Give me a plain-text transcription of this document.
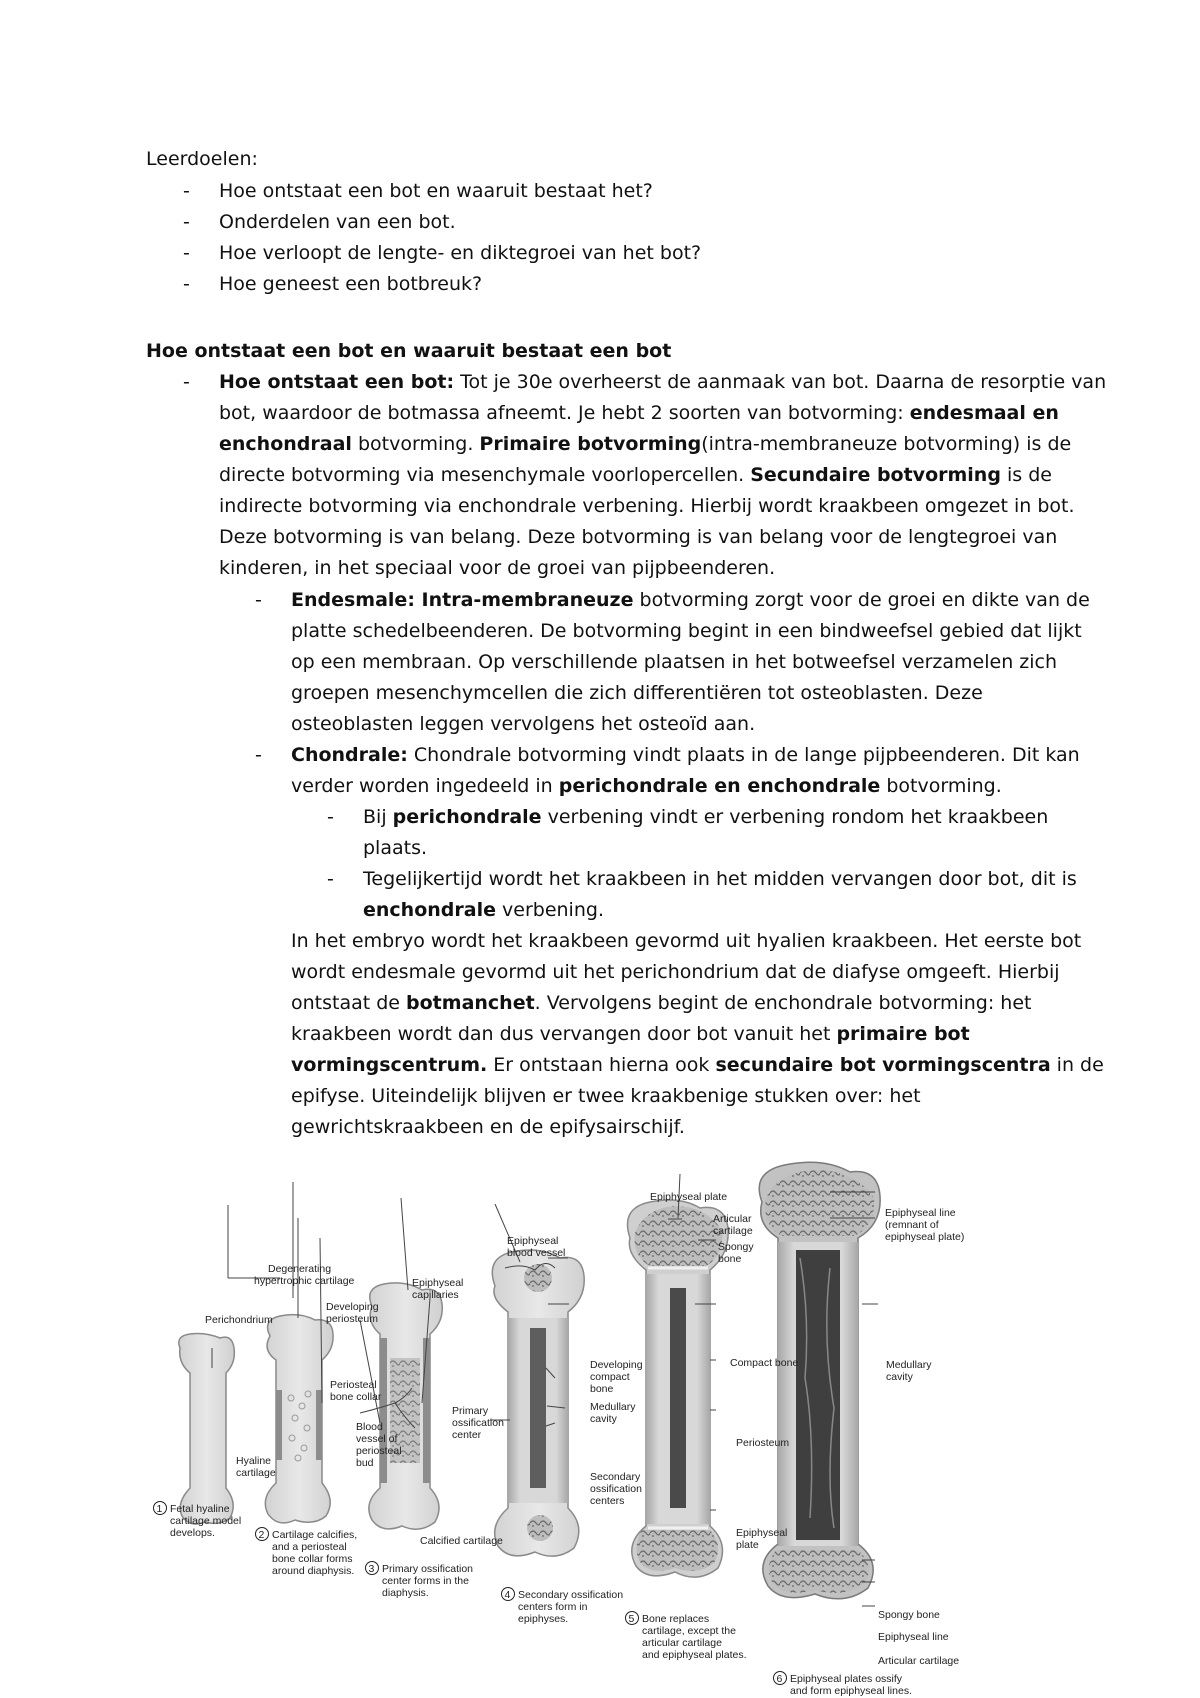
Leerdoelen:
- Hoe ontstaat een bot en waaruit bestaat het?
- Onderdelen van een bot.
- Hoe verloopt de lengte- en diktegroei van het bot?
- Hoe geneest een botbreuk?
Hoe ontstaat een bot en waaruit bestaat een bot
- Hoe ontstaat een bot: Tot je 30e overheerst de aanmaak van bot. Daarna de resorptie van
bot, waardoor de botmassa afneemt. Je hebt 2 soorten van botvorming: endesmaal en
enchondraal botvorming. Primaire botvorming(intra-membraneuze botvorming) is de
directe botvorming via mesenchymale voorlopercellen. Secundaire botvorming is de
indirecte botvorming via enchondrale verbening. Hierbij wordt kraakbeen omgezet in bot.
Deze botvorming is van belang. Deze botvorming is van belang voor de lengtegroei van
kinderen, in het speciaal voor de groei van pijpbeenderen.
- Endesmale: Intra-membraneuze botvorming zorgt voor de groei en dikte van de
platte schedelbeenderen. De botvorming begint in een bindweefsel gebied dat lijkt
op een membraan. Op verschillende plaatsen in het botweefsel verzamelen zich
groepen mesenchymcellen die zich differentiëren tot osteoblasten. Deze
osteoblasten leggen vervolgens het osteoïd aan.
- Chondrale: Chondrale botvorming vindt plaats in de lange pijpbeenderen. Dit kan
verder worden ingedeeld in perichondrale en enchondrale botvorming.
- Bij perichondrale verbening vindt er verbening rondom het kraakbeen
plaats.
- Tegelijkertijd wordt het kraakbeen in het midden vervangen door bot, dit is
enchondrale verbening.
In het embryo wordt het kraakbeen gevormd uit hyalien kraakbeen. Het eerste bot
wordt endesmale gevormd uit het perichondrium dat de diafyse omgeeft. Hierbij
ontstaat de botmanchet. Vervolgens begint de enchondrale botvorming: het
kraakbeen wordt dan dus vervangen door bot vanuit het primaire bot
vormingscentrum. Er ontstaan hierna ook secundaire bot vormingscentra in de
epifyse. Uiteindelijk blijven er twee kraakbenige stukken over: het
gewrichtskraakbeen en de epifysairschijf.
Epiphyseal plate
Articular
cartilage
Spongy
bone
Epiphyseal line
(remnant of
epiphyseal plate)
Epiphyseal
blood vessel
Degenerating
hypertrophic cartilage	Epiphyseal
capillaries
Perichondrium
Developing
periosteum
Periosteal
bone collar
Developing
compact
bone
Compact bone	Medullary
cavity
Medullary
cavity
Primary
ossification
center
Blood
vessel of
periosteal
bud
Periosteum
Hyaline
cartilage	Secondary
ossification
centers
Calcified cartilage
Epiphyseal
plate
Spongy bone
Epiphyseal line
Articular cartilage
1 Fetal hyaline
cartilage model
develops.	2 Cartilage calcifies,
and a periosteal
bone collar forms
around diaphysis. 3 Primary ossification
center forms in the
diaphysis.	4 Secondary ossification
centers form in
epiphyses.	5 Bone replaces
cartilage, except the
articular cartilage
and epiphyseal plates.
6 Epiphyseal plates ossify
and form epiphyseal lines.
